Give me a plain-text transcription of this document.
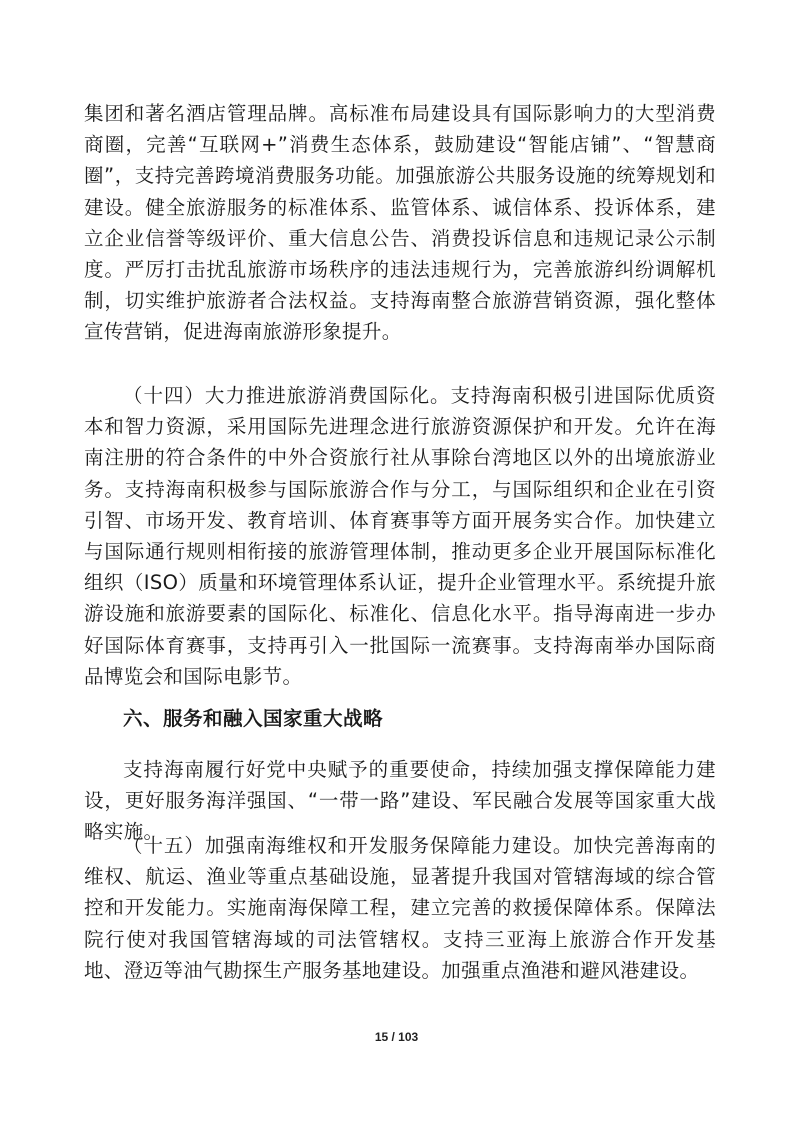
集团和著名酒店管理品牌。高标准布局建设具有国际影响力的大型消费商圈，完善“互联网+”消费生态体系，鼓励建设“智能店铺”、“智慧商圈”，支持完善跨境消费服务功能。加强旅游公共服务设施的统筹规划和建设。健全旅游服务的标准体系、监管体系、诚信体系、投诉体系，建立企业信誉等级评价、重大信息公告、消费投诉信息和违规记录公示制度。严厉打击扰乱旅游市场秩序的违法违规行为，完善旅游纠纷调解机制，切实维护旅游者合法权益。支持海南整合旅游营销资源，强化整体宣传营销，促进海南旅游形象提升。

（十四）大力推进旅游消费国际化。支持海南积极引进国际优质资本和智力资源，采用国际先进理念进行旅游资源保护和开发。允许在海南注册的符合条件的中外合资旅行社从事除台湾地区以外的出境旅游业务。支持海南积极参与国际旅游合作与分工，与国际组织和企业在引资引智、市场开发、教育培训、体育赛事等方面开展务实合作。加快建立与国际通行规则相衔接的旅游管理体制，推动更多企业开展国际标准化组织（ISO）质量和环境管理体系认证，提升企业管理水平。系统提升旅游设施和旅游要素的国际化、标准化、信息化水平。指导海南进一步办好国际体育赛事，支持再引入一批国际一流赛事。支持海南举办国际商品博览会和国际电影节。

六、服务和融入国家重大战略

支持海南履行好党中央赋予的重要使命，持续加强支撑保障能力建设，更好服务海洋强国、“一带一路”建设、军民融合发展等国家重大战略实施。

（十五）加强南海维权和开发服务保障能力建设。加快完善海南的维权、航运、渔业等重点基础设施，显著提升我国对管辖海域的综合管控和开发能力。实施南海保障工程，建立完善的救援保障体系。保障法院行使对我国管辖海域的司法管辖权。支持三亚海上旅游合作开发基地、澄迈等油气勘探生产服务基地建设。加强重点渔港和避风港建设。

15 / 103
